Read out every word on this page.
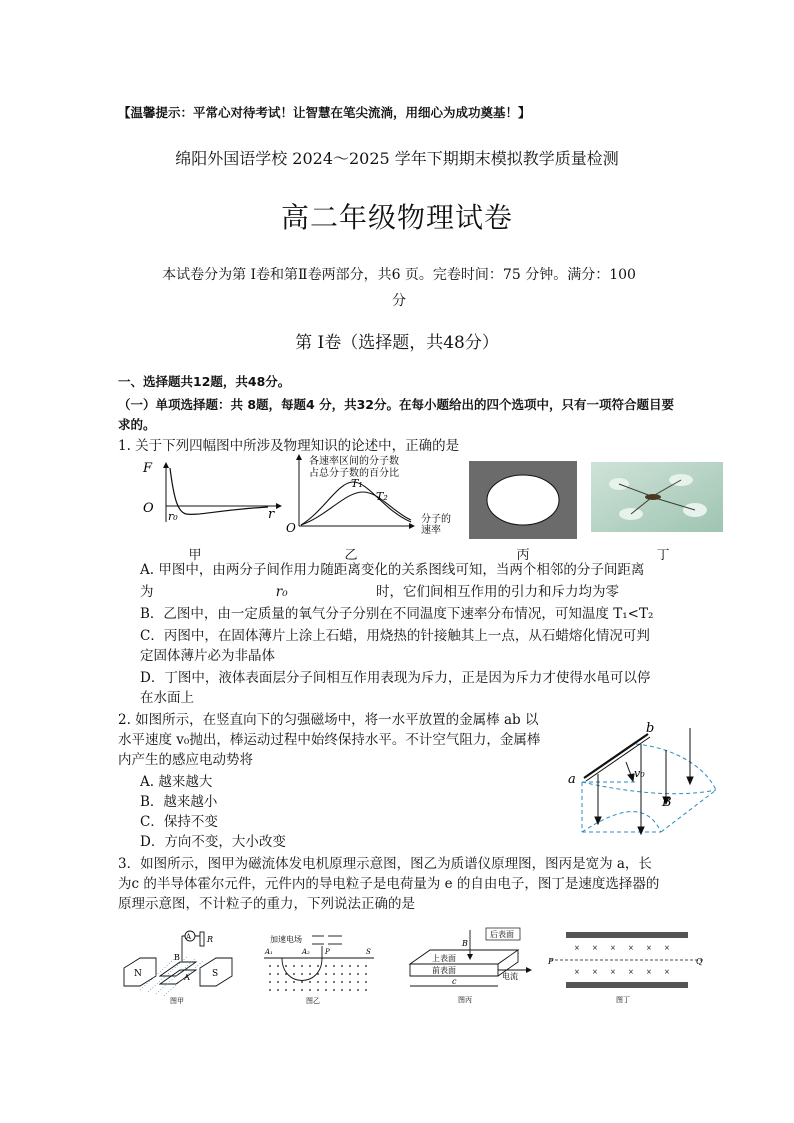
【温馨提示：平常心对待考试！让智慧在笔尖流淌，用细心为成功奠基！】
绵阳外国语学校 2024～2025 学年下期期末模拟教学质量检测
高二年级物理试卷
本试卷分为第 Ⅰ卷和第Ⅱ卷两部分，共6 页。完卷时间：75 分钟。满分：100
分
第 Ⅰ卷（选择题，共48分）
一、选择题共12题，共48分。
（一）单项选择题：共 8题，每题4 分，共32分。在每小题给出的四个选项中，只有一项符合题目要求的。
1. 关于下列四幅图中所涉及物理知识的论述中，正确的是
F
O
r₀	r
各速率区间的分子数
占总分子数的百分比
T₁
T₂
O
分子的
速率
甲	乙	丙	丁
A. 甲图中，由两分子间作用力随距离变化的关系图线可知，当两个相邻的分子间距离
为	r₀	时，它们间相互作用的引力和斥力均为零
B．乙图中，由一定质量的氧气分子分别在不同温度下速率分布情况，可知温度 T₁<T₂
C．丙图中，在固体薄片上涂上石蜡，用烧热的针接触其上一点，从石蜡熔化情况可判
定固体薄片必为非晶体
D．丁图中，液体表面层分子间相互作用表现为斥力，正是因为斥力才使得水黾可以停
在水面上
2. 如图所示，在竖直向下的匀强磁场中，将一水平放置的金属棒 ab 以
水平速度 v₀抛出，棒运动过程中始终保持水平。不计空气阻力，金属棒
内产生的感应电动势将
A. 越来越大
B．越来越小
C．保持不变
D．方向不变，大小改变
a
b
v₀
B
3．如图所示，图甲为磁流体发电机原理示意图，图乙为质谱仪原理图，图丙是宽为 a，长
为c 的半导体霍尔元件，元件内的导电粒子是电荷量为 e 的自由电子，图丁是速度选择器的
原理示意图，不计粒子的重力，下列说法正确的是
N	S
A R
B
A
图甲
加速电场
A₁	A₂ P	S
图乙
后表面
上表面
前表面
电流
c
B
图丙
× × × × × ×
× × × × × ×
P	Q
图丁
